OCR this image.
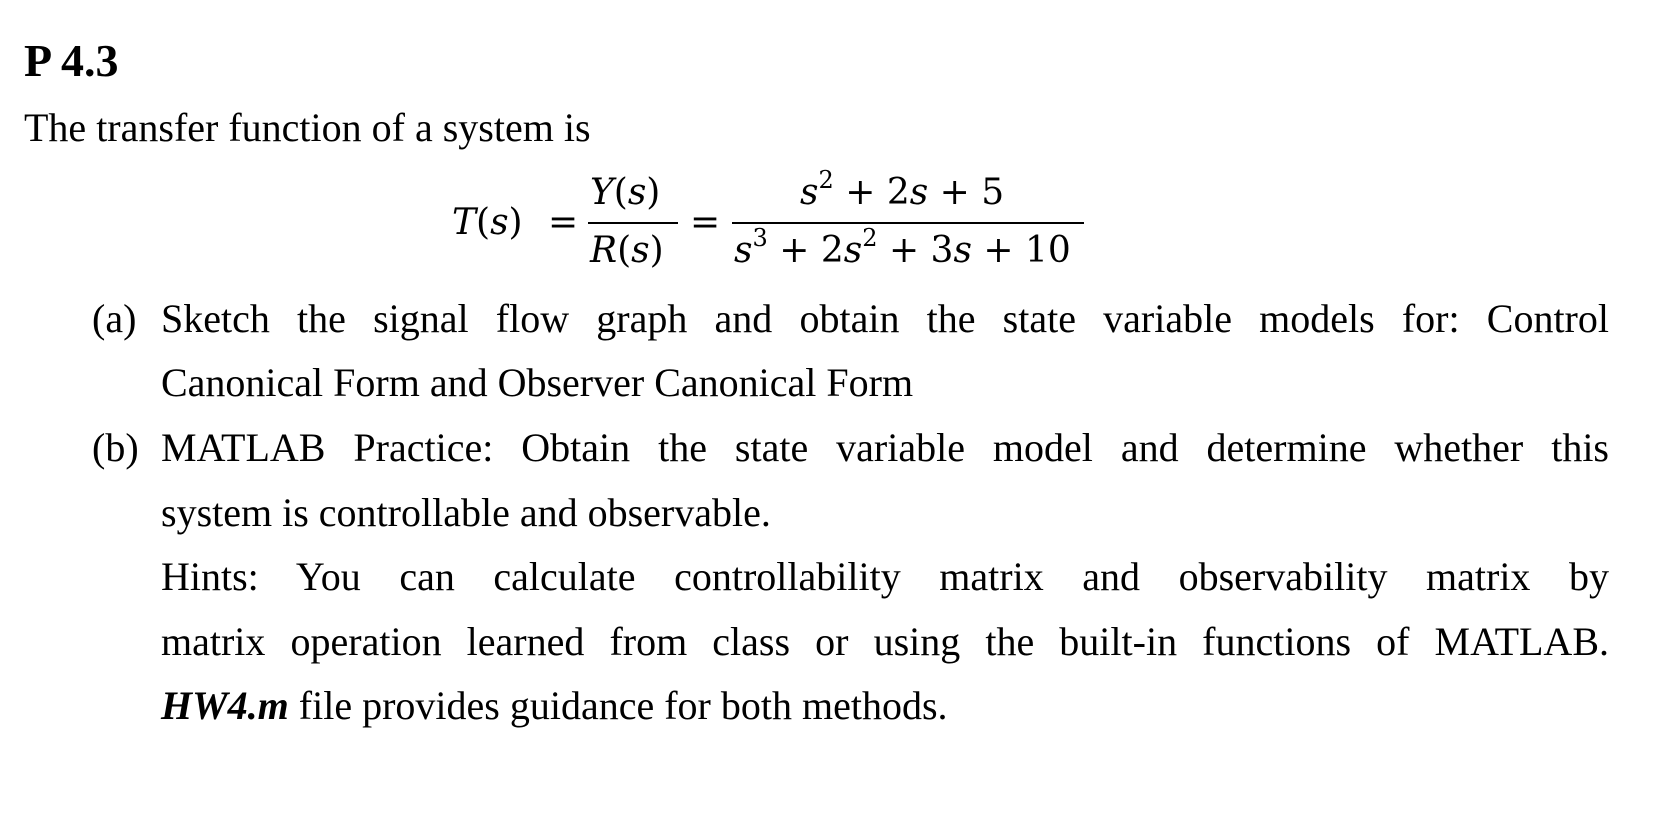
P 4.3
The transfer function of a system is
T(s) =
Y(s)
R(s)
=
$s^2 + 2s + 5$
$s^3 + 2s^2 + 3s + 10$
(a) Sketch the signal flow graph and obtain the state variable models for: Control
Canonical Form and Observer Canonical Form
(b) MATLAB Practice: Obtain the state variable model and determine whether this
system is controllable and observable.
Hints: You can calculate controllability matrix and observability matrix by
matrix operation learned from class or using the built-in functions of MATLAB.
HW4.m file provides guidance for both methods.
